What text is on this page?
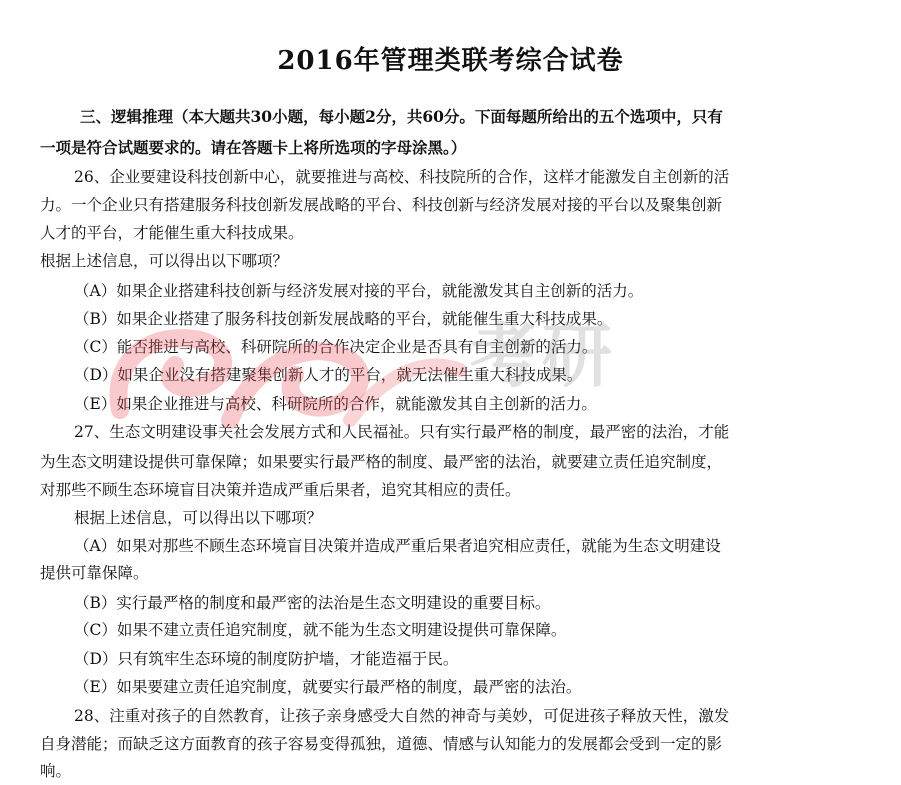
2016年管理类联考综合试卷
三、逻辑推理（本大题共30小题，每小题2分，共60分。下面每题所给出的五个选项中，只有
一项是符合试题要求的。请在答题卡上将所选项的字母涂黑。）
26、企业要建设科技创新中心，就要推进与高校、科技院所的合作，这样才能激发自主创新的活
力。一个企业只有搭建服务科技创新发展战略的平台、科技创新与经济发展对接的平台以及聚集创新
人才的平台，才能催生重大科技成果。
根据上述信息，可以得出以下哪项？
（A）如果企业搭建科技创新与经济发展对接的平台，就能激发其自主创新的活力。
（B）如果企业搭建了服务科技创新发展战略的平台，就能催生重大科技成果。
（C）能否推进与高校、科研院所的合作决定企业是否具有自主创新的活力。
（D）如果企业没有搭建聚集创新人才的平台，就无法催生重大科技成果。
（E）如果企业推进与高校、科研院所的合作，就能激发其自主创新的活力。
27、生态文明建设事关社会发展方式和人民福祉。只有实行最严格的制度，最严密的法治，才能
为生态文明建设提供可靠保障；如果要实行最严格的制度、最严密的法治，就要建立责任追究制度，
对那些不顾生态环境盲目决策并造成严重后果者，追究其相应的责任。
根据上述信息，可以得出以下哪项？
（A）如果对那些不顾生态环境盲目决策并造成严重后果者追究相应责任，就能为生态文明建设
提供可靠保障。
（B）实行最严格的制度和最严密的法治是生态文明建设的重要目标。
（C）如果不建立责任追究制度，就不能为生态文明建设提供可靠保障。
（D）只有筑牢生态环境的制度防护墙，才能造福于民。
（E）如果要建立责任追究制度，就要实行最严格的制度，最严密的法治。
28、注重对孩子的自然教育，让孩子亲身感受大自然的神奇与美妙，可促进孩子释放天性，激发
自身潜能；而缺乏这方面教育的孩子容易变得孤独，道德、情感与认知能力的发展都会受到一定的影
响。
考研
